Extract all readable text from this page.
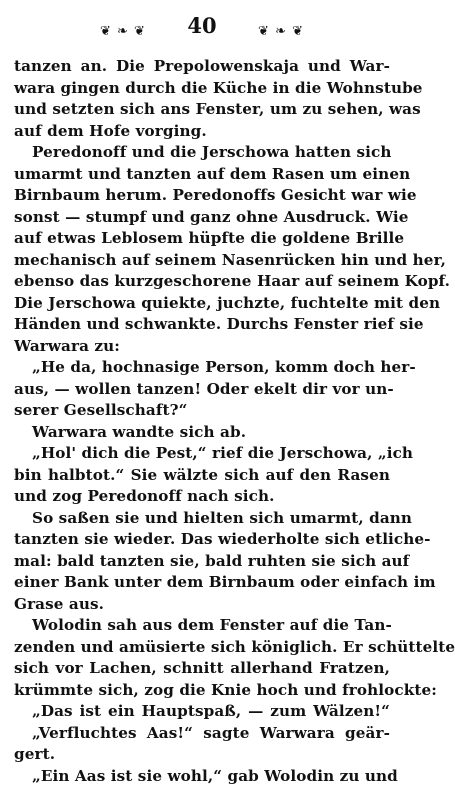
❦ ❧ ❦ 40	❦ ❧ ❦
tanzen an. Die Prepolowenskaja und War-
wara gingen durch die Küche in die Wohnstube
und setzten sich ans Fenster, um zu sehen, was
auf dem Hofe vorging.
Peredonoff und die Jerschowa hatten sich
umarmt und tanzten auf dem Rasen um einen
Birnbaum herum. Peredonoffs Gesicht war wie
sonst — stumpf und ganz ohne Ausdruck. Wie
auf etwas Leblosem hüpfte die goldene Brille
mechanisch auf seinem Nasenrücken hin und her,
ebenso das kurzgeschorene Haar auf seinem Kopf.
Die Jerschowa quiekte, juchzte, fuchtelte mit den
Händen und schwankte. Durchs Fenster rief sie
Warwara zu:
„He da, hochnasige Person, komm doch her-
aus, — wollen tanzen! Oder ekelt dir vor un-
serer Gesellschaft?“
Warwara wandte sich ab.
„Hol' dich die Pest,“ rief die Jerschowa, „ich
bin halbtot.“ Sie wälzte sich auf den Rasen
und zog Peredonoff nach sich.
So saßen sie und hielten sich umarmt, dann
tanzten sie wieder. Das wiederholte sich etliche-
mal: bald tanzten sie, bald ruhten sie sich auf
einer Bank unter dem Birnbaum oder einfach im
Grase aus.
Wolodin sah aus dem Fenster auf die Tan-
zenden und amüsierte sich königlich. Er schüttelte
sich vor Lachen, schnitt allerhand Fratzen,
krümmte sich, zog die Knie hoch und frohlockte:
„Das ist ein Hauptspaß, — zum Wälzen!“
„Verfluchtes Aas!“ sagte Warwara geär-
gert.
„Ein Aas ist sie wohl,“ gab Wolodin zu und
